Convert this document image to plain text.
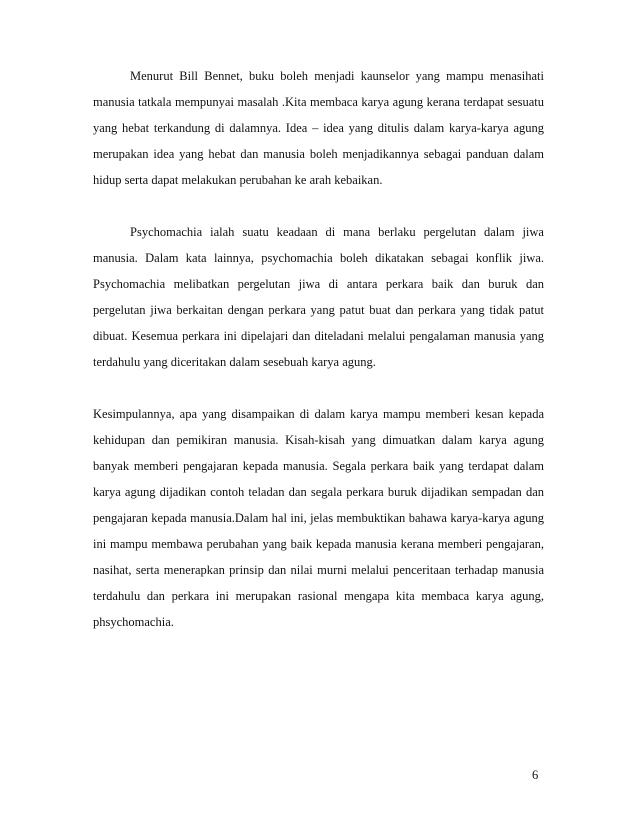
Menurut Bill Bennet, buku boleh menjadi kaunselor yang mampu menasihati manusia tatkala mempunyai masalah .Kita membaca karya agung kerana terdapat sesuatu yang hebat terkandung di dalamnya. Idea – idea yang ditulis dalam karya-karya agung merupakan idea yang hebat dan manusia boleh menjadikannya sebagai panduan dalam hidup serta dapat melakukan perubahan ke arah kebaikan.

Psychomachia ialah suatu keadaan di mana berlaku pergelutan dalam jiwa manusia. Dalam kata lainnya, psychomachia boleh dikatakan sebagai konflik jiwa. Psychomachia melibatkan pergelutan jiwa di antara perkara baik dan buruk dan pergelutan jiwa berkaitan dengan perkara yang patut buat dan perkara yang tidak patut dibuat. Kesemua perkara ini dipelajari dan diteladani melalui pengalaman manusia yang terdahulu yang diceritakan dalam sesebuah karya agung.

Kesimpulannya, apa yang disampaikan di dalam karya mampu memberi kesan kepada kehidupan dan pemikiran manusia. Kisah-kisah yang dimuatkan dalam karya agung banyak memberi pengajaran kepada manusia. Segala perkara baik yang terdapat dalam karya agung dijadikan contoh teladan dan segala perkara buruk dijadikan sempadan dan pengajaran kepada manusia.Dalam hal ini, jelas membuktikan bahawa karya-karya agung ini mampu membawa perubahan yang baik kepada manusia kerana memberi pengajaran, nasihat, serta menerapkan prinsip dan nilai murni melalui penceritaan terhadap manusia terdahulu dan perkara ini merupakan rasional mengapa kita membaca karya agung, phsychomachia.

6
